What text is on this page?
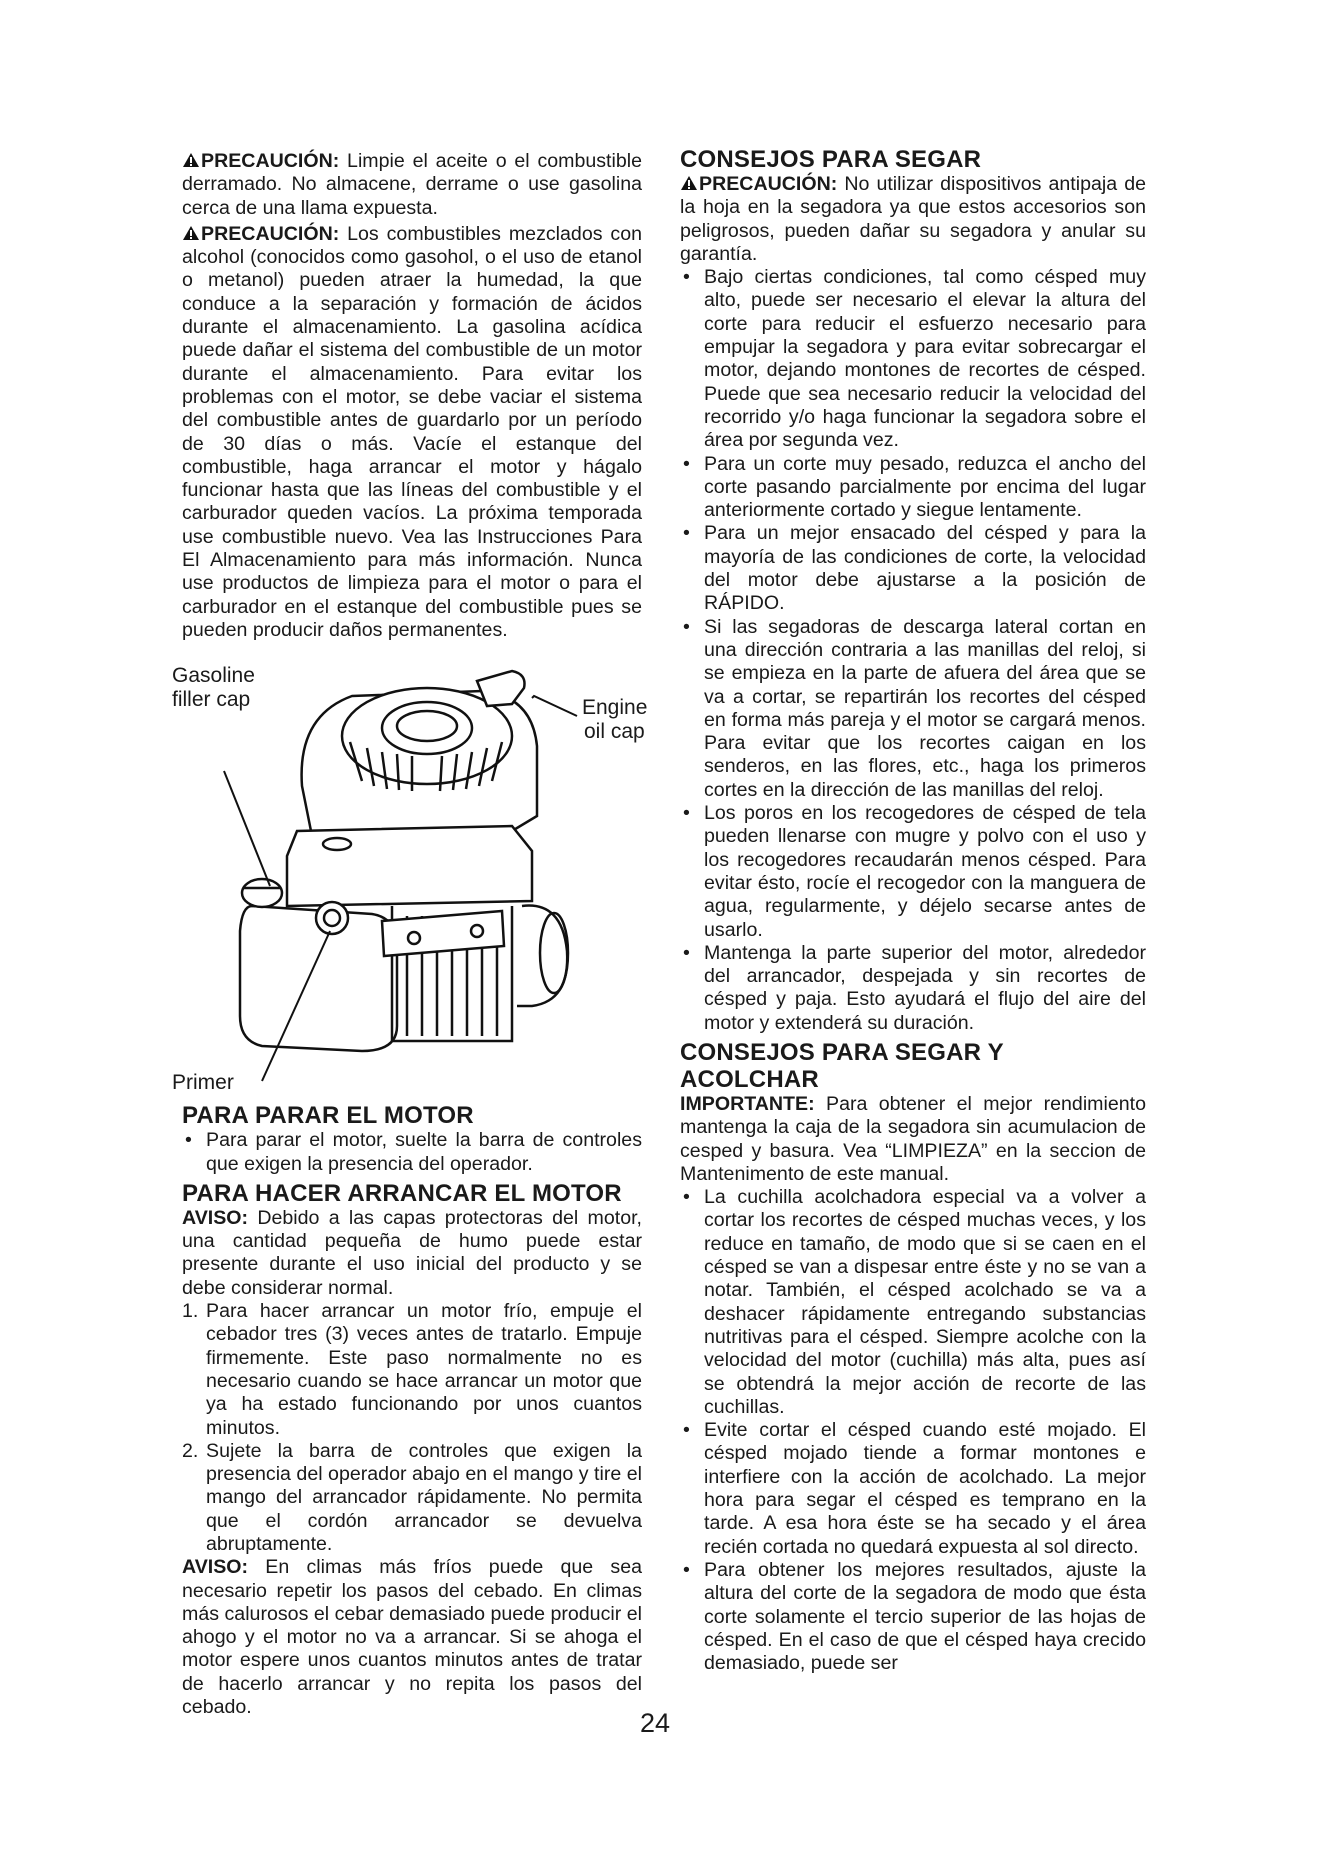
PRECAUCIÓN: Limpie el aceite o el combustible derramado. No almacene, derrame o use gasolina cerca de una llama expuesta.

PRECAUCIÓN: Los combustibles mezclados con alcohol (conocidos como gasohol, o el uso de etanol o metanol) pueden atraer la humedad, la que conduce a la separación y formación de ácidos durante el almacenamiento. La gasolina acídica puede dañar el sistema del combustible de un motor durante el almacenamiento. Para evitar los problemas con el motor, se debe vaciar el sistema del combustible antes de guardarlo por un período de 30 días o más. Vacíe el estanque del combustible, haga arrancar el motor y hágalo funcionar hasta que las líneas del combustible y el carburador queden vacíos. La próxima temporada use combustible nuevo. Vea las Instrucciones Para El Almacenamiento para más información. Nunca use productos de limpieza para el motor o para el carburador en el estanque del combustible pues se pueden producir daños permanentes.

Gasoline
filler cap	Engine
oil cap
Primer
PARA PARAR EL MOTOR
• Para parar el motor, suelte la barra de controles que exigen la presencia del operador.
PARA HACER ARRANCAR EL MOTOR

AVISO: Debido a las capas protectoras del motor, una cantidad pequeña de humo puede estar presente durante el uso inicial del producto y se debe considerar normal.

1. Para hacer arrancar un motor frío, empuje el cebador tres (3) veces antes de tratarlo. Empuje firmemente. Este paso normalmente no es necesario cuando se hace arrancar un motor que ya ha estado funcionando por unos cuantos minutos.
2. Sujete la barra de controles que exigen la presencia del operador abajo en el mango y tire el mango del arrancador rápidamente. No permita que el cordón arrancador se devuelva abruptamente.

AVISO: En climas más fríos puede que sea necesario repetir los pasos del cebado. En climas más calurosos el cebar demasiado puede producir el ahogo y el motor no va a arrancar. Si se ahoga el motor espere unos cuantos minutos antes de tratar de hacerlo arrancar y no repita los pasos del cebado.

CONSEJOS PARA SEGAR

PRECAUCIÓN: No utilizar dispositivos antipaja de la hoja en la segadora ya que estos accesorios son peligrosos, pueden dañar su segadora y anular su garantía.

• Bajo ciertas condiciones, tal como césped muy alto, puede ser necesario el elevar la altura del corte para reducir el esfuerzo necesario para empujar la segadora y para evitar sobrecargar el motor, dejando montones de recortes de césped. Puede que sea necesario reducir la velocidad del recorrido y/o haga funcionar la segadora sobre el área por segunda vez.
• Para un corte muy pesado, reduzca el ancho del corte pasando parcialmente por encima del lugar anteriormente cortado y siegue lentamente.
• Para un mejor ensacado del césped y para la mayoría de las condiciones de corte, la velocidad del motor debe ajustarse a la posición de RÁPIDO.
• Si las segadoras de descarga lateral cortan en una dirección contraria a las manillas del reloj, si se empieza en la parte de afuera del área que se va a cortar, se repartirán los recortes del césped en forma más pareja y el motor se cargará menos. Para evitar que los recortes caigan en los senderos, en las flores, etc., haga los primeros cortes en la dirección de las manillas del reloj.
• Los poros en los recogedores de césped de tela pueden llenarse con mugre y polvo con el uso y los recogedores recaudarán menos césped. Para evitar ésto, rocíe el recogedor con la manguera de agua, regularmente, y déjelo secarse antes de usarlo.
• Mantenga la parte superior del motor, alrededor del arrancador, despejada y sin recortes de césped y paja. Esto ayudará el flujo del aire del motor y extenderá su duración.
CONSEJOS PARA SEGAR Y ACOLCHAR

IMPORTANTE: Para obtener el mejor rendimiento mantenga la caja de la segadora sin acumulacion de cesped y basura. Vea “LIMPIEZA” en la seccion de Mantenimento de este manual.

• La cuchilla acolchadora especial va a volver a cortar los recortes de césped muchas veces, y los reduce en tamaño, de modo que si se caen en el césped se van a dispesar entre éste y no se van a notar. También, el césped acolchado se va a deshacer rápidamente entregando substancias nutritivas para el césped. Siempre acolche con la velocidad del motor (cuchilla) más alta, pues así se obtendrá la mejor acción de recorte de las cuchillas.
• Evite cortar el césped cuando esté mojado. El césped mojado tiende a formar montones e interfiere con la acción de acolchado. La mejor hora para segar el césped es temprano en la tarde. A esa hora éste se ha secado y el área recién cortada no quedará expuesta al sol directo.
• Para obtener los mejores resultados, ajuste la altura del corte de la segadora de modo que ésta corte solamente el tercio superior de las hojas de césped. En el caso de que el césped haya crecido demasiado, puede ser
24
